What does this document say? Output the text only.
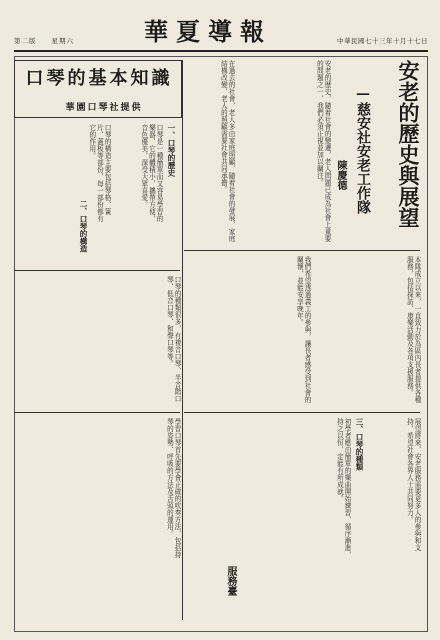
華夏導報
第二版　　星期六	中華民國七十三年十月十七日
安老的歷史與展望
—慈安社安老工作隊
陳慶德
安老的歷史，隨着社會的變遷，老人問題已成為社會上重要的問題之一，我們必須正視並加以關注。
在過去的社會，老人多由家庭照顧，隨着社會的發展，家庭結構改變，老人的照顧需要社會共同承擔。
本隊成立以來，一直致力於為區內長者提供各種服務，包括探訪、康樂活動及各項支援服務。
我們希望透過義工的參與，讓長者感受到社會的關懷，並能安享晚年。
三、口琴的種類	展望將來，安老服務需要更多人的參與和支持，希望社會各界人士共同努力。
口琴的基本知識
華園口琴社提供
一、口琴的歷史
口琴是一種簡單而又容易學習的樂器，它的體積小，攜帶方便，音色優美，深受大眾喜愛。
口琴的構造主要包括琴格、簧片、蓋板等部份，每一部份都有它的作用。
二、口琴的構造
口琴的種類很多，有複音口琴、半音階口琴、低音口琴、和聲口琴等。
學習口琴首先要學會正確的吹奏方法，包括持琴的姿勢、呼吸的方法及舌頭的運用。	初學者應由簡單的樂曲開始練習，循序漸進，持之以恒，定能有所成就。
服務臺
